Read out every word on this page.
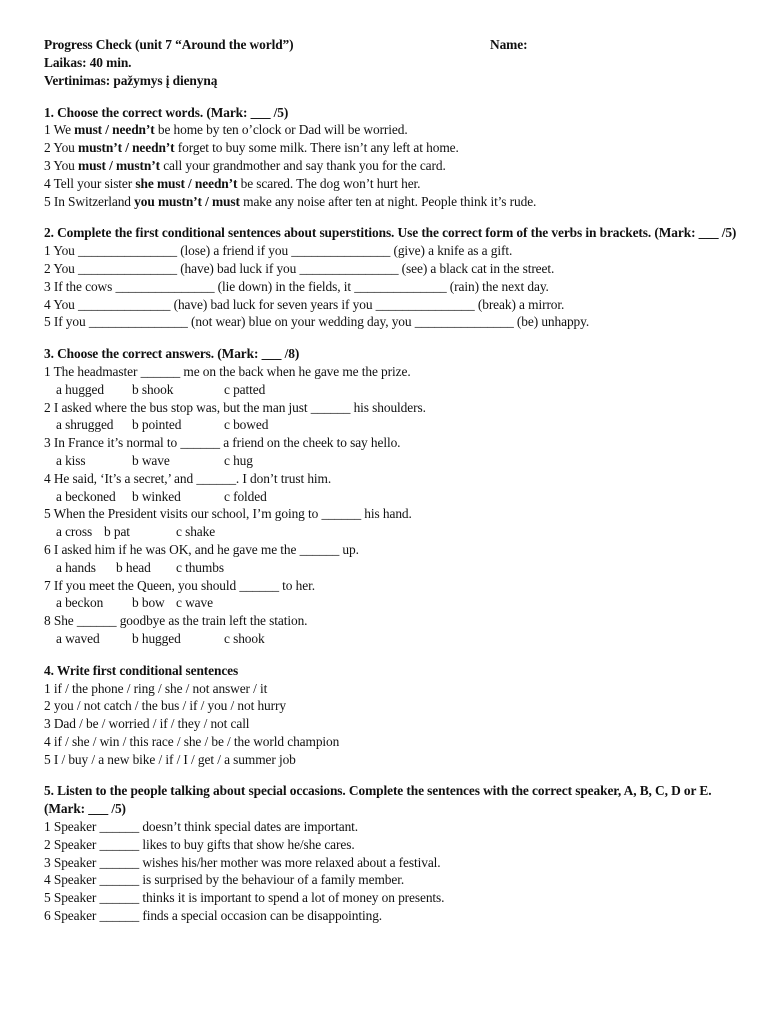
Progress Check (unit 7 “Around the world”)	Name:
Laikas: 40 min.
Vertinimas: pažymys į dienyną
1. Choose the correct words. (Mark: ___ /5)
1 We must / needn’t be home by ten o’clock or Dad will be worried.
2 You mustn’t / needn’t forget to buy some milk. There isn’t any left at home.
3 You must / mustn’t call your grandmother and say thank you for the card.
4 Tell your sister she must / needn’t be scared. The dog won’t hurt her.
5 In Switzerland you mustn’t / must make any noise after ten at night. People think it’s rude.
2. Complete the first conditional sentences about superstitions. Use the correct form of the verbs in brackets. (Mark: ___ /5)
1 You _______________ (lose) a friend if you _______________ (give) a knife as a gift.
2 You _______________ (have) bad luck if you _______________ (see) a black cat in the street.
3 If the cows _______________ (lie down) in the fields, it ______________ (rain) the next day.
4 You ______________ (have) bad luck for seven years if you _______________ (break) a mirror.
5 If you _______________ (not wear) blue on your wedding day, you _______________ (be) unhappy.
3. Choose the correct answers. (Mark: ___ /8)
1 The headmaster ______ me on the back when he gave me the prize.
a hugged b shook	c patted
2 I asked where the bus stop was, but the man just ______ his shoulders.
a shrugged b pointed	c bowed
3 In France it’s normal to ______ a friend on the cheek to say hello.
a kiss	b wave	c hug
4 He said, ‘It’s a secret,’ and ______. I don’t trust him.
a beckoned b winked	c folded
5 When the President visits our school, I’m going to ______ his hand.
a cross b pat	c shake
6 I asked him if he was OK, and he gave me the ______ up.
a hands b head c thumbs
7 If you meet the Queen, you should ______ to her.
a beckon b bow c wave
8 She ______ goodbye as the train left the station.
a waved b hugged	c shook
4. Write first conditional sentences
1 if / the phone / ring / she / not answer / it
2 you / not catch / the bus / if / you / not hurry
3 Dad / be / worried / if / they / not call
4 if / she / win / this race / she / be / the world champion
5 I / buy / a new bike / if / I / get / a summer job
5. Listen to the people talking about special occasions. Complete the sentences with the correct speaker, A, B, C, D or E. (Mark: ___ /5)
1 Speaker ______ doesn’t think special dates are important.
2 Speaker ______ likes to buy gifts that show he/she cares.
3 Speaker ______ wishes his/her mother was more relaxed about a festival.
4 Speaker ______ is surprised by the behaviour of a family member.
5 Speaker ______ thinks it is important to spend a lot of money on presents.
6 Speaker ______ finds a special occasion can be disappointing.
